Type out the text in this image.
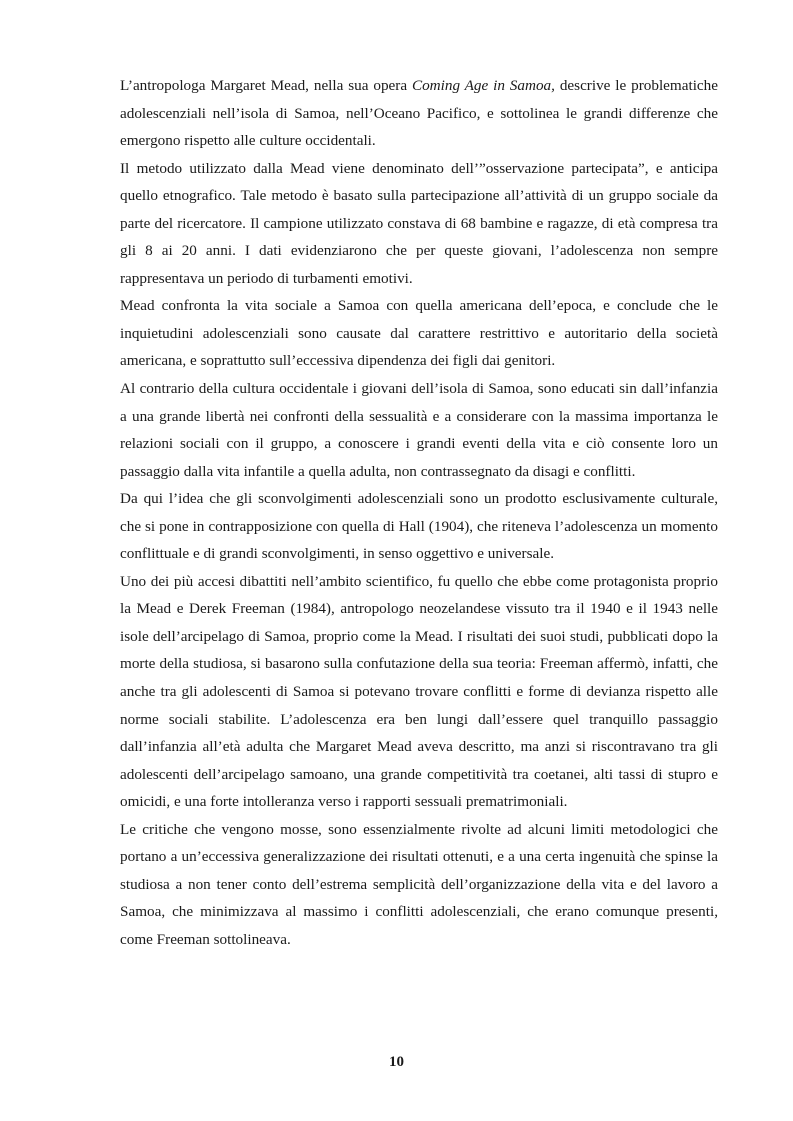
L’antropologa Margaret Mead, nella sua opera Coming Age in Samoa, descrive le problematiche adolescenziali nell’isola di Samoa, nell’Oceano Pacifico, e sottolinea le grandi differenze che emergono rispetto alle culture occidentali.

Il metodo utilizzato dalla Mead viene denominato dell’”osservazione partecipata”, e anticipa quello etnografico. Tale metodo è basato sulla partecipazione all’attività di un gruppo sociale da parte del ricercatore. Il campione utilizzato constava di 68 bambine e ragazze, di età compresa tra gli 8 ai 20 anni. I dati evidenziarono che per queste giovani, l’adolescenza non sempre rappresentava un periodo di turbamenti emotivi.

Mead confronta la vita sociale a Samoa con quella americana dell’epoca, e conclude che le inquietudini adolescenziali sono causate dal carattere restrittivo e autoritario della società americana, e soprattutto sull’eccessiva dipendenza dei figli dai genitori.

Al contrario della cultura occidentale i giovani dell’isola di Samoa, sono educati sin dall’infanzia a una grande libertà nei confronti della sessualità e a considerare con la massima importanza le relazioni sociali con il gruppo, a conoscere i grandi eventi della vita e ciò consente loro un passaggio dalla vita infantile a quella adulta, non contrassegnato da disagi e conflitti.

Da qui l’idea che gli sconvolgimenti adolescenziali sono un prodotto esclusivamente culturale, che si pone in contrapposizione con quella di Hall (1904), che riteneva l’adolescenza un momento conflittuale e di grandi sconvolgimenti, in senso oggettivo e universale.

Uno dei più accesi dibattiti nell’ambito scientifico, fu quello che ebbe come protagonista proprio la Mead e Derek Freeman (1984), antropologo neozelandese vissuto tra il 1940 e il 1943 nelle isole dell’arcipelago di Samoa, proprio come la Mead. I risultati dei suoi studi, pubblicati dopo la morte della studiosa, si basarono sulla confutazione della sua teoria: Freeman affermò, infatti, che anche tra gli adolescenti di Samoa si potevano trovare conflitti e forme di devianza rispetto alle norme sociali stabilite. L’adolescenza era ben lungi dall’essere quel tranquillo passaggio dall’infanzia all’età adulta che Margaret Mead aveva descritto, ma anzi si riscontravano tra gli adolescenti dell’arcipelago samoano, una grande competitività tra coetanei, alti tassi di stupro e omicidi, e una forte intolleranza verso i rapporti sessuali prematrimoniali.

Le critiche che vengono mosse, sono essenzialmente rivolte ad alcuni limiti metodologici che portano a un’eccessiva generalizzazione dei risultati ottenuti, e a una certa ingenuità che spinse la studiosa a non tener conto dell’estrema semplicità dell’organizzazione della vita e del lavoro a Samoa, che minimizzava al massimo i conflitti adolescenziali, che erano comunque presenti, come Freeman sottolineava.

10
